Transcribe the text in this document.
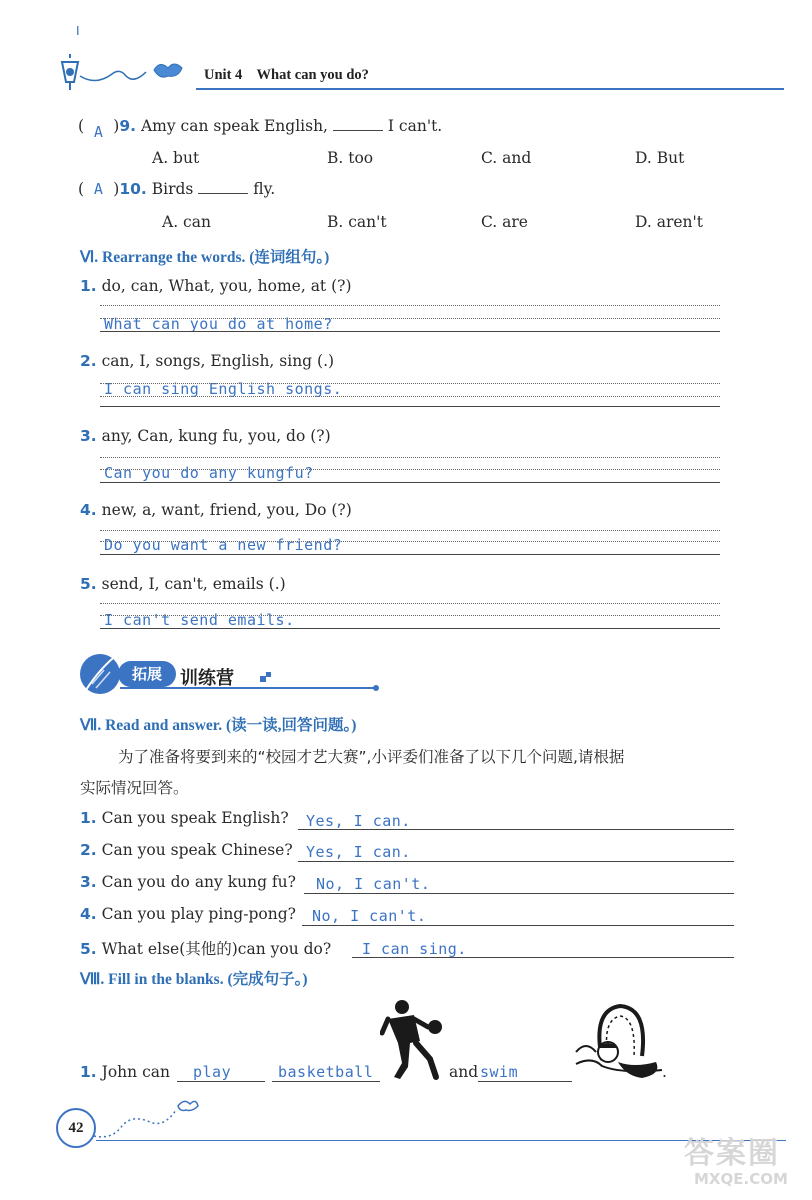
I
Unit 4 What can you do?
(  A  )9. Amy can speak English,	I can't.
A. but	B. too	C. and	D. But
(  A  )10. Birds	fly.
A. can	B. can't	C. are	D. aren't
Ⅵ. Rearrange the words. (连词组句。)
1. do, can, What, you, home, at (?)
What can you do at home?
2. can, I, songs, English, sing (.)
I can sing English songs.
3. any, Can, kung fu, you, do (?)
Can you do any kungfu?
4. new, a, want, friend, you, Do (?)
Do you want a new friend?
5. send, I, can't, emails (.)
I can't send emails.
拓展	训练营
Ⅶ. Read and answer. (读一读,回答问题。)
为了准备将要到来的“校园才艺大赛”,小评委们准备了以下几个问题,请根据
实际情况回答。
1. Can you speak English? Yes, I can.
2. Can you speak Chinese? Yes, I can.
3. Can you do any kung fu? No, I can't.
4. Can you play ping-pong? No, I can't.
5. What else(其他的)can you do? I can sing.
Ⅷ. Fill in the blanks. (完成句子。)
1. John can	play	basketball	and swim	.
42
答案圈
MXQE.COM
